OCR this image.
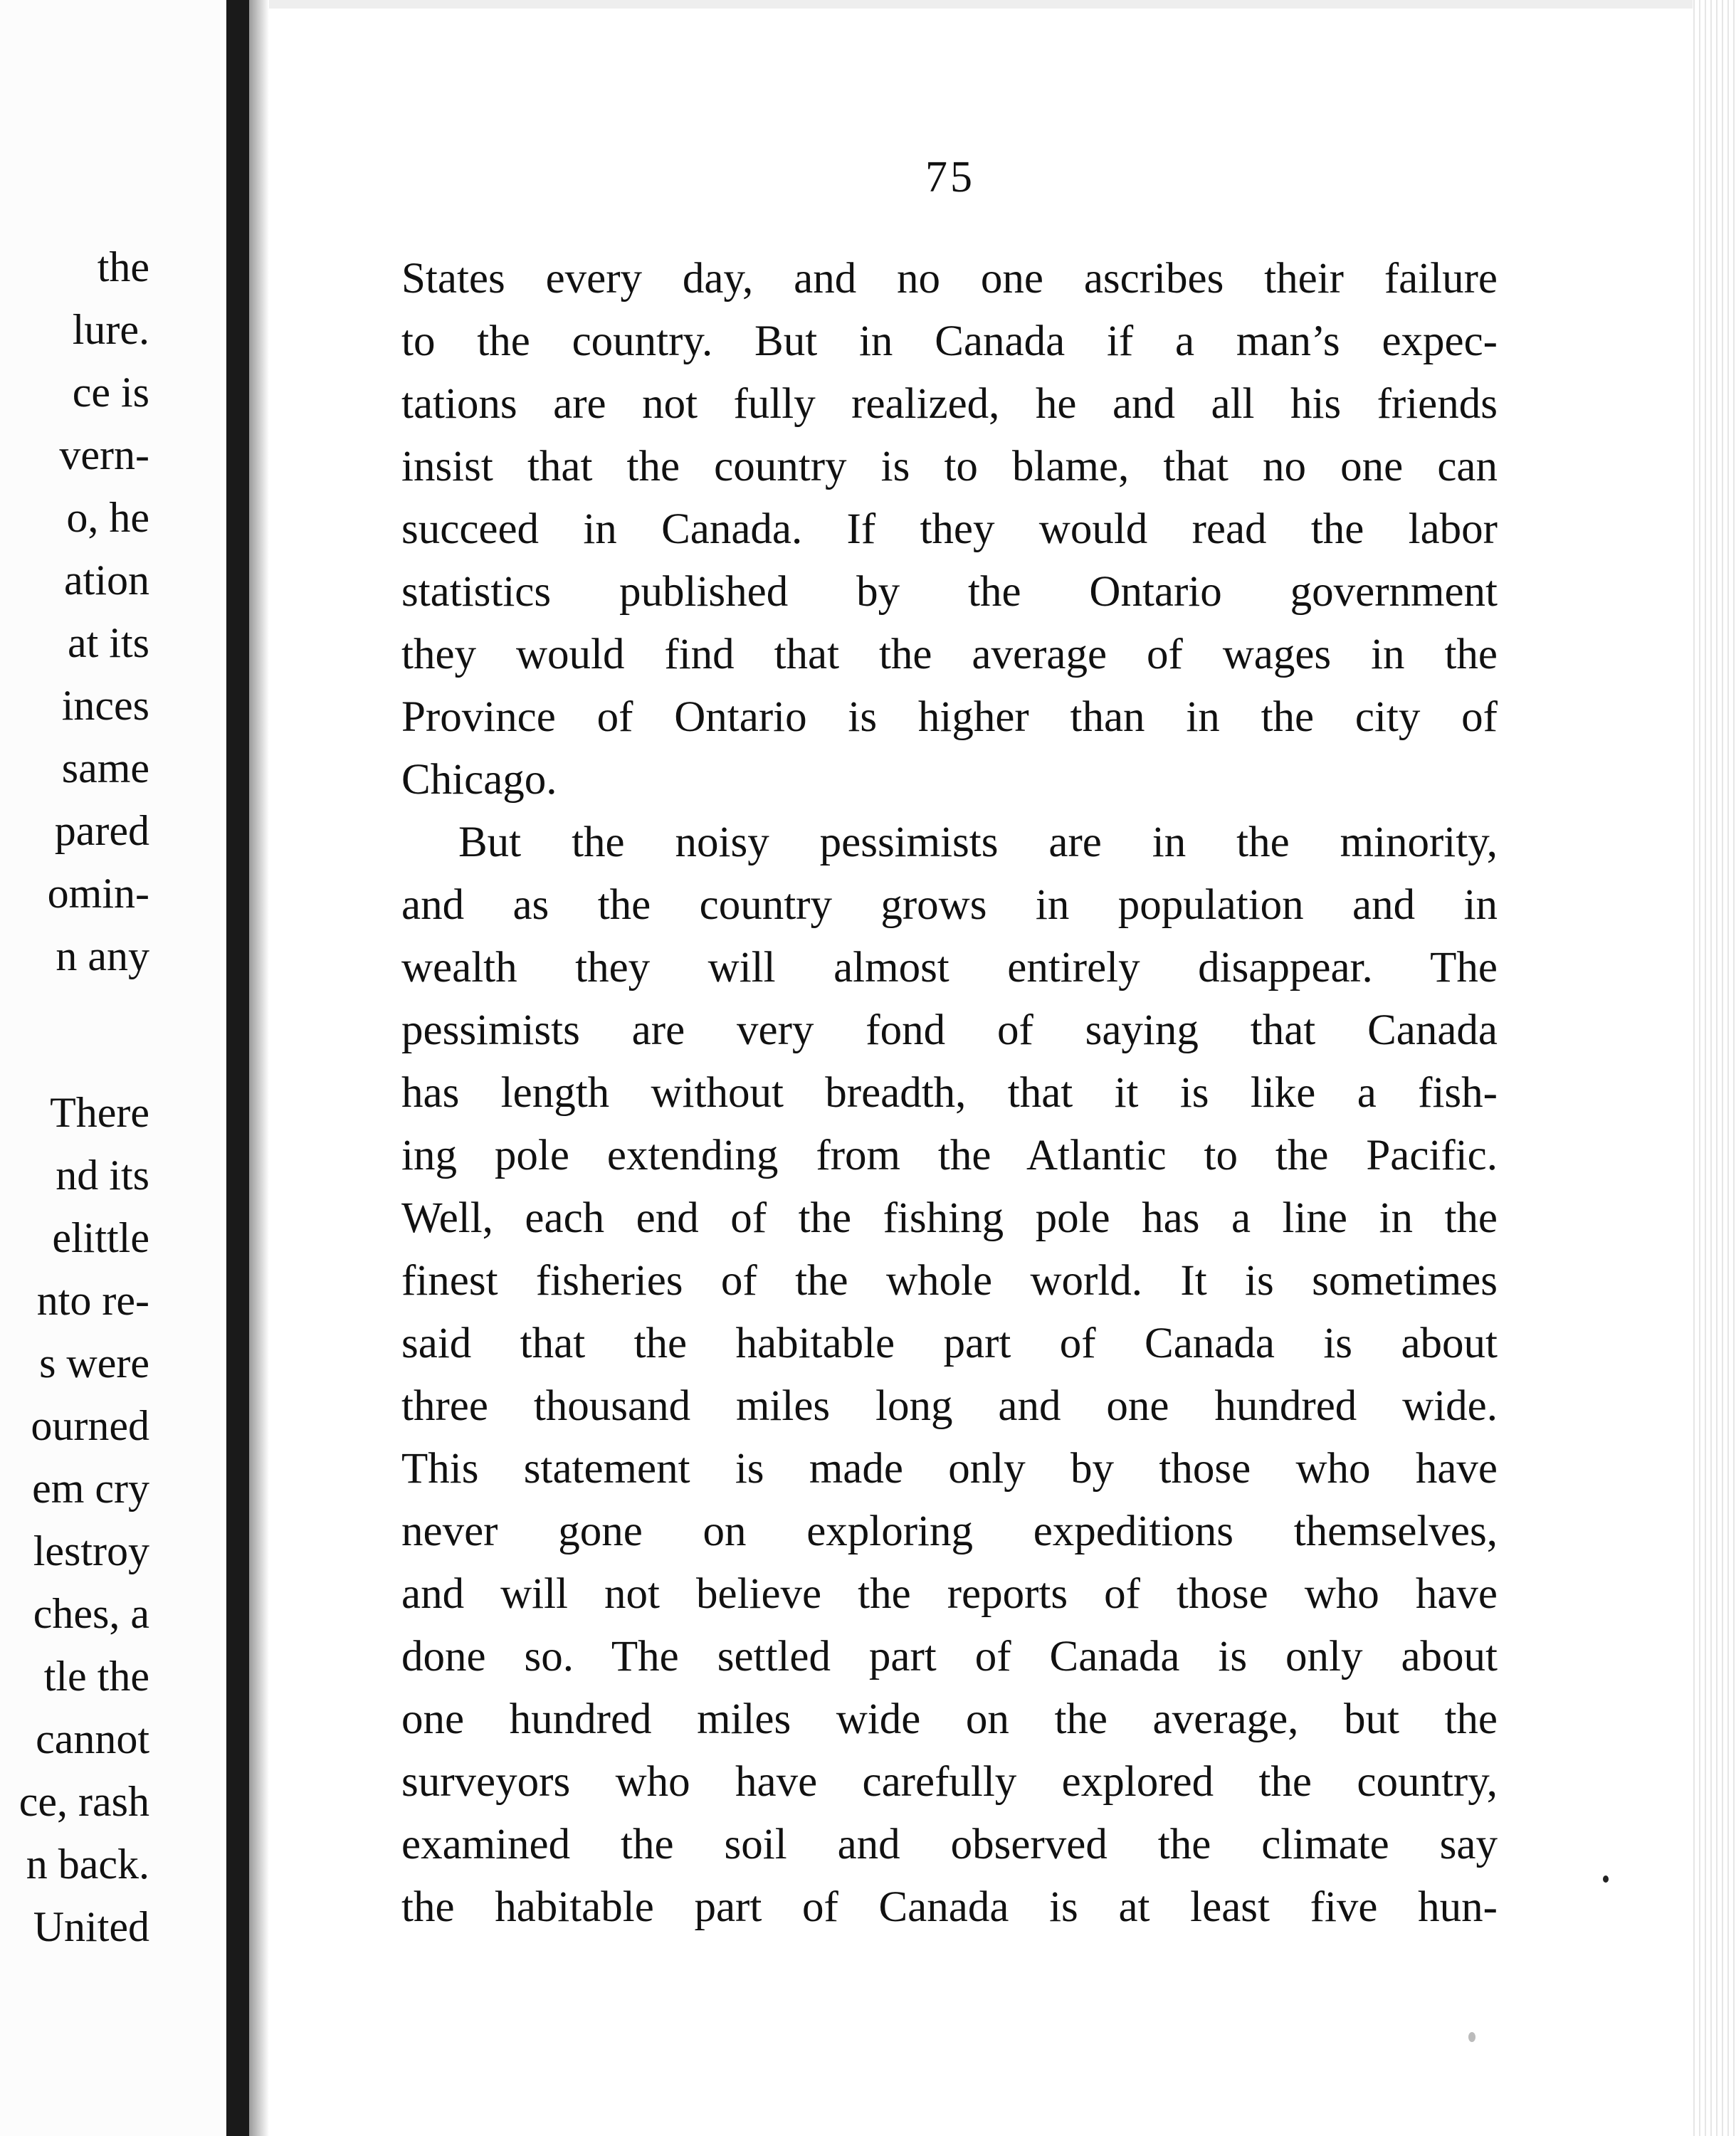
the
lure.
ce is
vern-
o, he
ation
at its
inces
same
pared
omin-
n any
There
nd its
elittle
nto re-
s were
ourned
em cry
lestroy
ches, a
tle the
cannot
ce, rash
n back.
United
75
States every day, and no one ascribes their failure
to the country. But in Canada if a man’s expec-
tations are not fully realized, he and all his friends
insist that the country is to blame, that no one can
succeed in Canada. If they would read the labor
statistics published by the Ontario government
they would find that the average of wages in the
Province of Ontario is higher than in the city of
Chicago.
But the noisy pessimists are in the minority,
and as the country grows in population and in
wealth they will almost entirely disappear. The
pessimists are very fond of saying that Canada
has length without breadth, that it is like a fish-
ing pole extending from the Atlantic to the Pacific.
Well, each end of the fishing pole has a line in the
finest fisheries of the whole world. It is sometimes
said that the habitable part of Canada is about
three thousand miles long and one hundred wide.
This statement is made only by those who have
never gone on exploring expeditions themselves,
and will not believe the reports of those who have
done so. The settled part of Canada is only about
one hundred miles wide on the average, but the
surveyors who have carefully explored the country,
examined the soil and observed the climate say
the habitable part of Canada is at least five hun-
